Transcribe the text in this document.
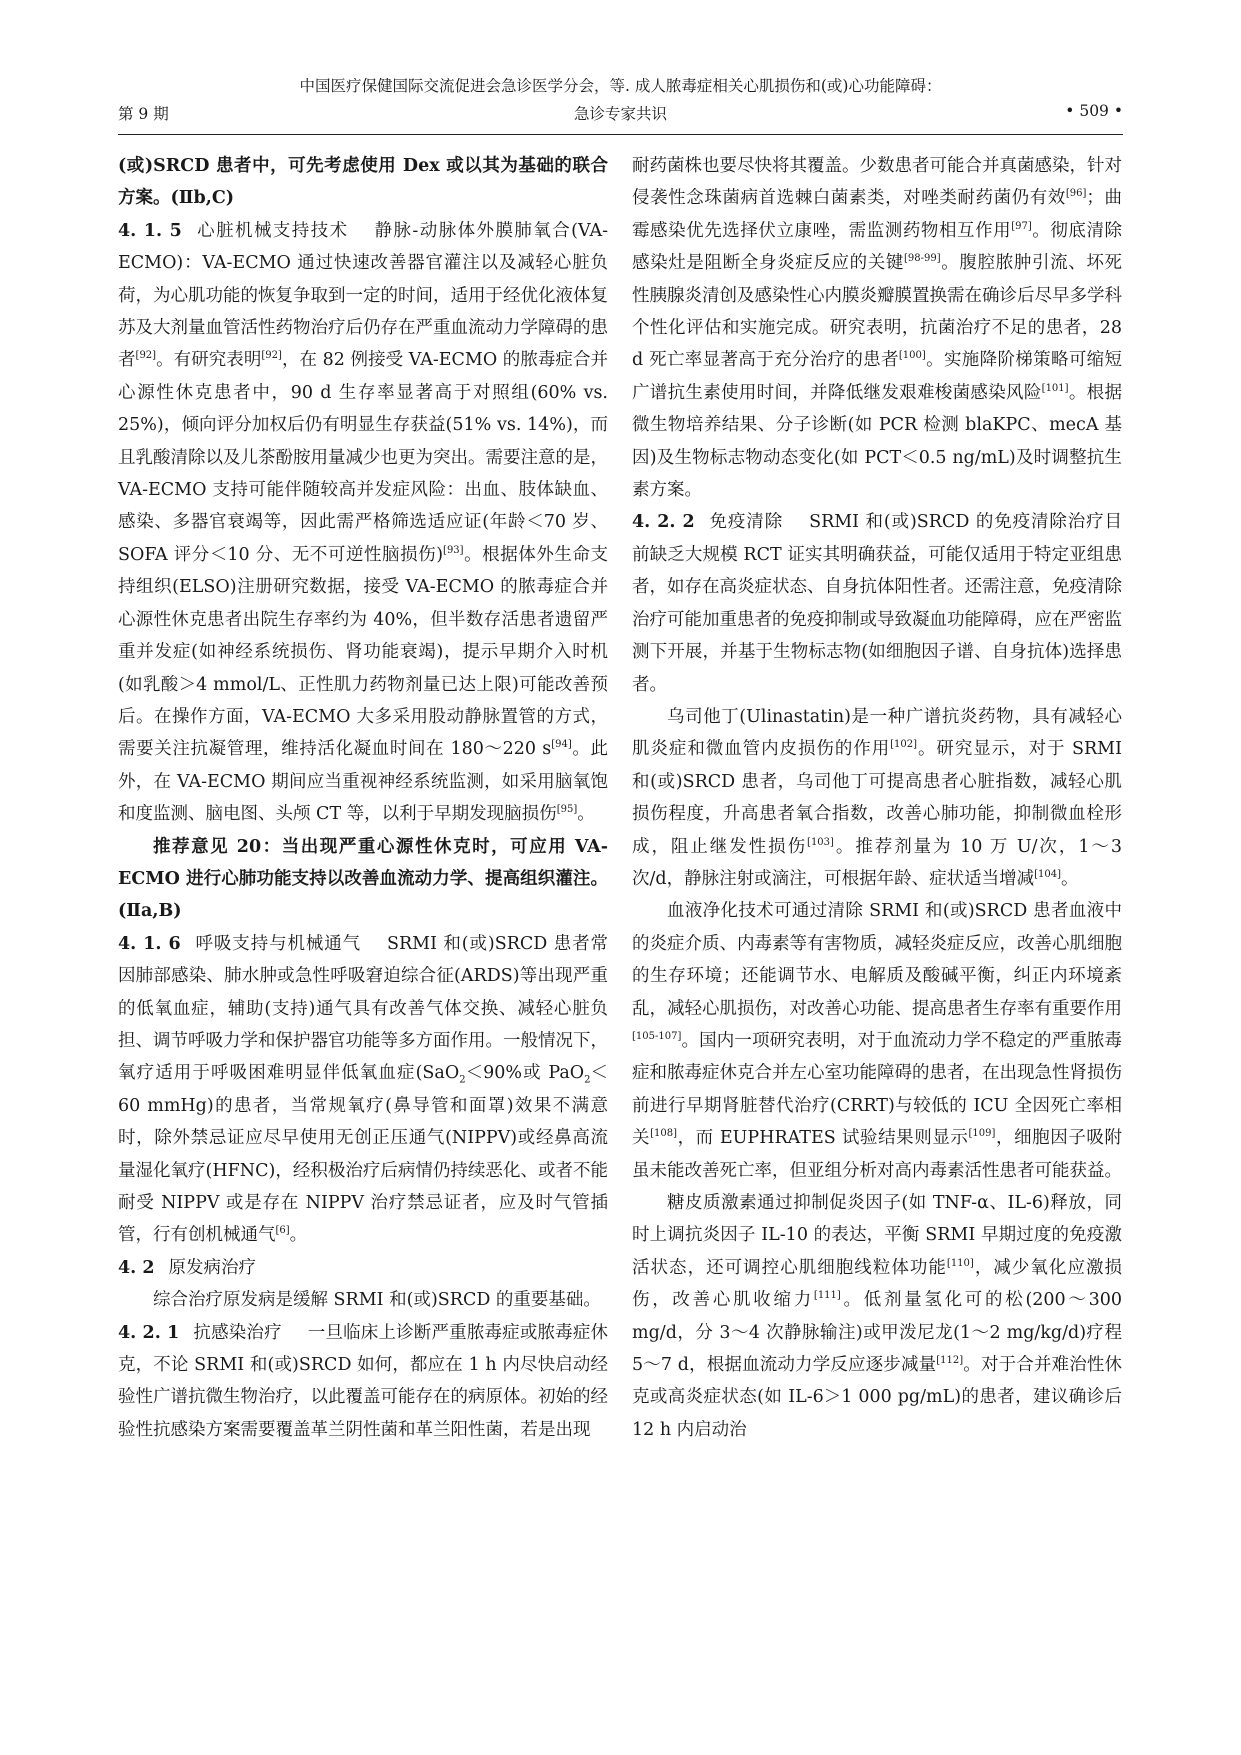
中国医疗保健国际交流促进会急诊医学分会，等. 成人脓毒症相关心肌损伤和(或)心功能障碍：
第 9 期	急诊专家共识	• 509 •

(或)SRCD 患者中，可先考虑使用 Dex 或以其为基础的联合方案。(Ⅱb,C)

4. 1. 5 心脏机械支持技术 静脉-动脉体外膜肺氧合(VA-ECMO)：VA-ECMO 通过快速改善器官灌注以及减轻心脏负荷，为心肌功能的恢复争取到一定的时间，适用于经优化液体复苏及大剂量血管活性药物治疗后仍存在严重血流动力学障碍的患者[92]。有研究表明[92]，在 82 例接受 VA-ECMO 的脓毒症合并心源性休克患者中，90 d 生存率显著高于对照组(60% vs. 25%)，倾向评分加权后仍有明显生存获益(51% vs. 14%)，而且乳酸清除以及儿茶酚胺用量减少也更为突出。需要注意的是，VA-ECMO 支持可能伴随较高并发症风险：出血、肢体缺血、感染、多器官衰竭等，因此需严格筛选适应证(年龄＜70 岁、SOFA 评分＜10 分、无不可逆性脑损伤)[93]。根据体外生命支持组织(ELSO)注册研究数据，接受 VA-ECMO 的脓毒症合并心源性休克患者出院生存率约为 40%，但半数存活患者遗留严重并发症(如神经系统损伤、肾功能衰竭)，提示早期介入时机(如乳酸＞4 mmol/L、正性肌力药物剂量已达上限)可能改善预后。在操作方面，VA-ECMO 大多采用股动静脉置管的方式，需要关注抗凝管理，维持活化凝血时间在 180～220 s[94]。此外，在 VA-ECMO 期间应当重视神经系统监测，如采用脑氧饱和度监测、脑电图、头颅 CT 等，以利于早期发现脑损伤[95]。

推荐意见 20：当出现严重心源性休克时，可应用 VA-ECMO 进行心肺功能支持以改善血流动力学、提高组织灌注。(Ⅱa,B)

4. 1. 6 呼吸支持与机械通气 SRMI 和(或)SRCD 患者常因肺部感染、肺水肿或急性呼吸窘迫综合征(ARDS)等出现严重的低氧血症，辅助(支持)通气具有改善气体交换、减轻心脏负担、调节呼吸力学和保护器官功能等多方面作用。一般情况下，氧疗适用于呼吸困难明显伴低氧血症(SaO$_2$＜90%或 PaO$_2$＜60 mmHg)的患者，当常规氧疗(鼻导管和面罩)效果不满意时，除外禁忌证应尽早使用无创正压通气(NIPPV)或经鼻高流量湿化氧疗(HFNC)，经积极治疗后病情仍持续恶化、或者不能耐受 NIPPV 或是存在 NIPPV 治疗禁忌证者，应及时气管插管，行有创机械通气[6]。

4. 2 原发病治疗

综合治疗原发病是缓解 SRMI 和(或)SRCD 的重要基础。

4. 2. 1 抗感染治疗 一旦临床上诊断严重脓毒症或脓毒症休克，不论 SRMI 和(或)SRCD 如何，都应在 1 h 内尽快启动经验性广谱抗微生物治疗，以此覆盖可能存在的病原体。初始的经验性抗感染方案需要覆盖革兰阴性菌和革兰阳性菌，若是出现

耐药菌株也要尽快将其覆盖。少数患者可能合并真菌感染，针对侵袭性念珠菌病首选棘白菌素类，对唑类耐药菌仍有效[96]；曲霉感染优先选择伏立康唑，需监测药物相互作用[97]。彻底清除感染灶是阻断全身炎症反应的关键[98-99]。腹腔脓肿引流、坏死性胰腺炎清创及感染性心内膜炎瓣膜置换需在确诊后尽早多学科个性化评估和实施完成。研究表明，抗菌治疗不足的患者，28 d 死亡率显著高于充分治疗的患者[100]。实施降阶梯策略可缩短广谱抗生素使用时间，并降低继发艰难梭菌感染风险[101]。根据微生物培养结果、分子诊断(如 PCR 检测 blaKPC、mecA 基因)及生物标志物动态变化(如 PCT＜0.5 ng/mL)及时调整抗生素方案。

4. 2. 2 免疫清除 SRMI 和(或)SRCD 的免疫清除治疗目前缺乏大规模 RCT 证实其明确获益，可能仅适用于特定亚组患者，如存在高炎症状态、自身抗体阳性者。还需注意，免疫清除治疗可能加重患者的免疫抑制或导致凝血功能障碍，应在严密监测下开展，并基于生物标志物(如细胞因子谱、自身抗体)选择患者。

乌司他丁(Ulinastatin)是一种广谱抗炎药物，具有减轻心肌炎症和微血管内皮损伤的作用[102]。研究显示，对于 SRMI 和(或)SRCD 患者，乌司他丁可提高患者心脏指数，减轻心肌损伤程度，升高患者氧合指数，改善心肺功能，抑制微血栓形成，阻止继发性损伤[103]。推荐剂量为 10 万 U/次，1～3 次/d，静脉注射或滴注，可根据年龄、症状适当增减[104]。

血液净化技术可通过清除 SRMI 和(或)SRCD 患者血液中的炎症介质、内毒素等有害物质，减轻炎症反应，改善心肌细胞的生存环境；还能调节水、电解质及酸碱平衡，纠正内环境紊乱，减轻心肌损伤，对改善心功能、提高患者生存率有重要作用[105-107]。国内一项研究表明，对于血流动力学不稳定的严重脓毒症和脓毒症休克合并左心室功能障碍的患者，在出现急性肾损伤前进行早期肾脏替代治疗(CRRT)与较低的 ICU 全因死亡率相关[108]，而 EUPHRATES 试验结果则显示[109]，细胞因子吸附虽未能改善死亡率，但亚组分析对高内毒素活性患者可能获益。

糖皮质激素通过抑制促炎因子(如 TNF-α、IL-6)释放，同时上调抗炎因子 IL-10 的表达，平衡 SRMI 早期过度的免疫激活状态，还可调控心肌细胞线粒体功能[110]，减少氧化应激损伤，改善心肌收缩力[111]。低剂量氢化可的松(200～300 mg/d，分 3～4 次静脉输注)或甲泼尼龙(1～2 mg/kg/d)疗程 5～7 d，根据血流动力学反应逐步减量[112]。对于合并难治性休克或高炎症状态(如 IL-6＞1 000 pg/mL)的患者，建议确诊后 12 h 内启动治
